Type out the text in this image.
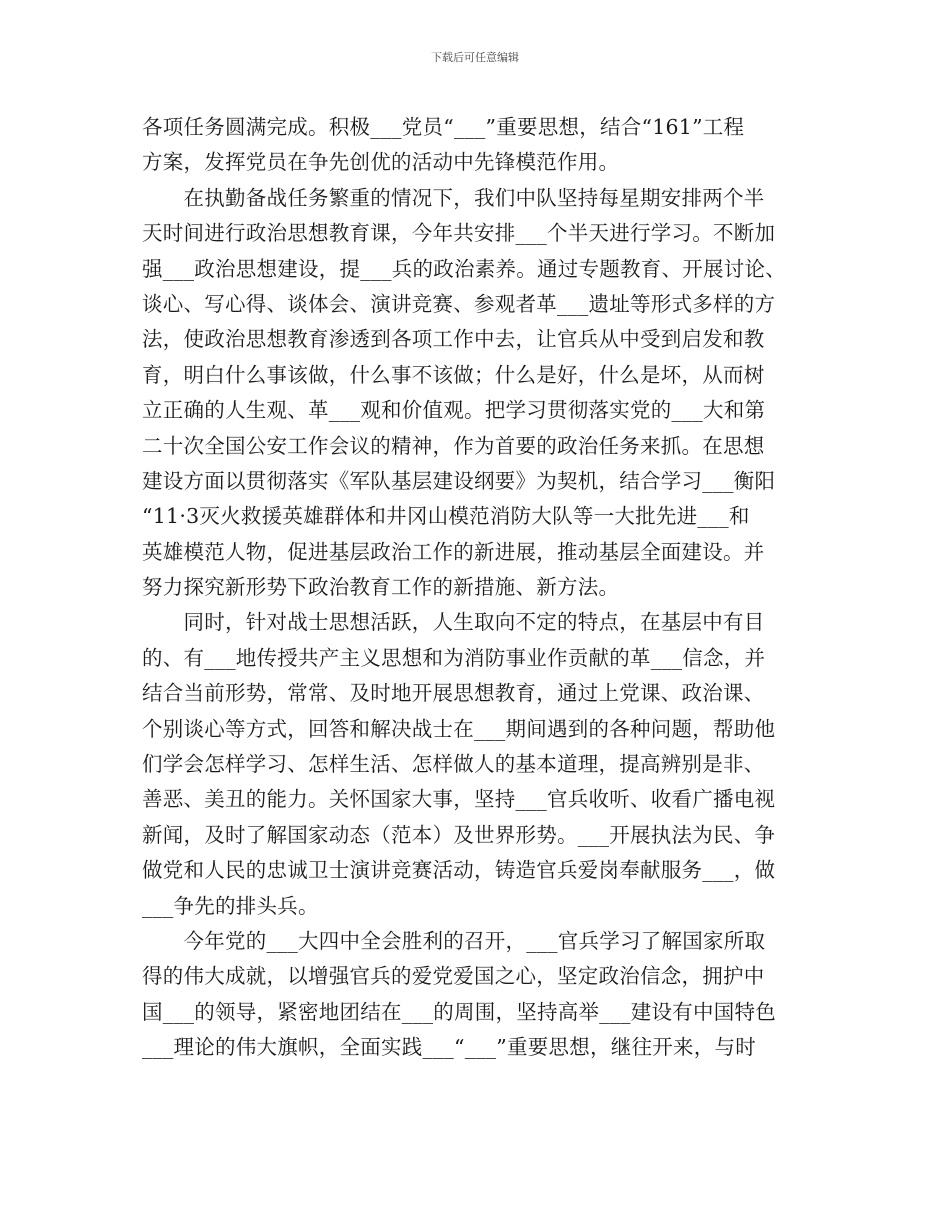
下载后可任意编辑
各项任务圆满完成。积极___党员“___”重要思想，结合“161”工程
方案，发挥党员在争先创优的活动中先锋模范作用。
　　在执勤备战任务繁重的情况下，我们中队坚持每星期安排两个半
天时间进行政治思想教育课，今年共安排___个半天进行学习。不断加
强___政治思想建设，提___兵的政治素养。通过专题教育、开展讨论、
谈心、写心得、谈体会、演讲竞赛、参观者革___遗址等形式多样的方
法，使政治思想教育渗透到各项工作中去，让官兵从中受到启发和教
育，明白什么事该做，什么事不该做；什么是好，什么是坏，从而树
立正确的人生观、革___观和价值观。把学习贯彻落实党的___大和第
二十次全国公安工作会议的精神，作为首要的政治任务来抓。在思想
建设方面以贯彻落实《军队基层建设纲要》为契机，结合学习___衡阳
“11·3灭火救援英雄群体和井冈山模范消防大队等一大批先进___和
英雄模范人物，促进基层政治工作的新进展，推动基层全面建设。并
努力探究新形势下政治教育工作的新措施、新方法。
　　同时，针对战士思想活跃，人生取向不定的特点，在基层中有目
的、有___地传授共产主义思想和为消防事业作贡献的革___信念，并
结合当前形势，常常、及时地开展思想教育，通过上党课、政治课、
个别谈心等方式，回答和解决战士在___期间遇到的各种问题，帮助他
们学会怎样学习、怎样生活、怎样做人的基本道理，提高辨别是非、
善恶、美丑的能力。关怀国家大事，坚持___官兵收听、收看广播电视
新闻，及时了解国家动态（范本）及世界形势。___开展执法为民、争
做党和人民的忠诚卫士演讲竞赛活动，铸造官兵爱岗奉献服务___，做
___争先的排头兵。
　　今年党的___大四中全会胜利的召开，___官兵学习了解国家所取
得的伟大成就，以增强官兵的爱党爱国之心，坚定政治信念，拥护中
国___的领导，紧密地团结在___的周围，坚持高举___建设有中国特色
___理论的伟大旗帜，全面实践___“___”重要思想，继往开来，与时
